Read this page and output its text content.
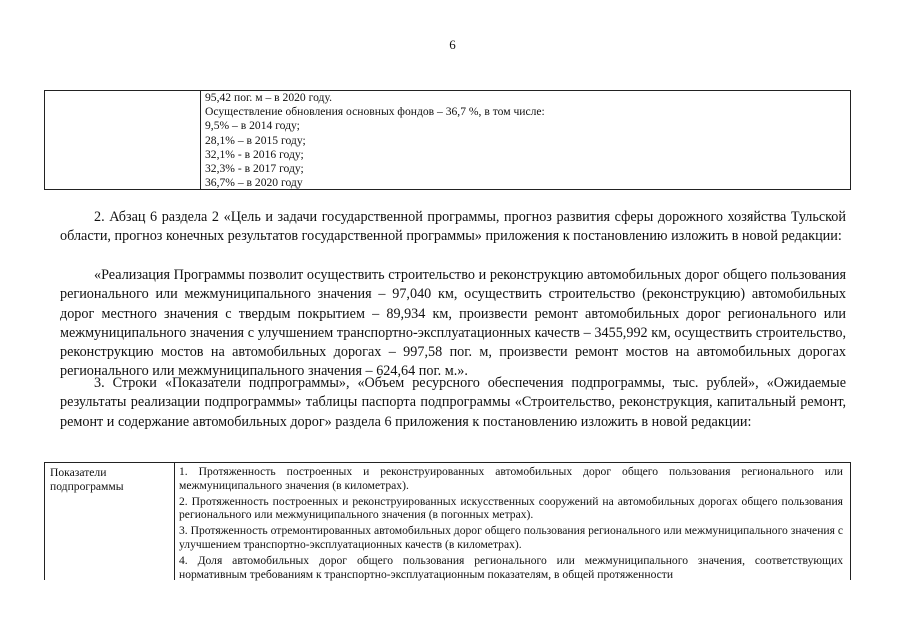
6
95,42 пог. м – в 2020 году.
Осуществление обновления основных фондов – 36,7 %, в том числе:
9,5% – в 2014 году;
28,1% – в 2015 году;
32,1% - в 2016 году;
32,3% - в 2017 году;
36,7% – в 2020 году

2. Абзац 6 раздела 2 «Цель и задачи государственной программы, прогноз развития сферы дорожного хозяйства Тульской области, прогноз конечных результатов государственной программы» приложения к постановлению изложить в новой редакции:

«Реализация Программы позволит осуществить строительство и реконструкцию автомобильных дорог общего пользования регионального или межмуниципального значения – 97,040 км, осуществить строительство (реконструкцию) автомобильных дорог местного значения с твердым покрытием – 89,934 км, произвести ремонт автомобильных дорог регионального или межмуниципального значения с улучшением транспортно-эксплуатационных качеств – 3455,992 км, осуществить строительство, реконструкцию мостов на автомобильных дорогах – 997,58 пог. м, произвести ремонт мостов на автомобильных дорогах регионального или межмуниципального значения – 624,64 пог. м.».

3. Строки «Показатели подпрограммы», «Объем ресурсного обеспечения подпрограммы, тыс. рублей», «Ожидаемые результаты реализации подпрограммы» таблицы паспорта подпрограммы «Строительство, реконструкция, капитальный ремонт, ремонт и содержание автомобильных дорог» раздела 6 приложения к постановлению изложить в новой редакции:

Показатели
подпрограммы

1. Протяженность построенных и реконструированных автомобильных дорог общего пользования регионального или межмуниципального значения (в километрах).

2. Протяженность построенных и реконструированных искусственных сооружений на автомобильных дорогах общего пользования регионального или межмуниципального значения (в погонных метрах).

3. Протяженность отремонтированных автомобильных дорог общего пользования регионального или межмуниципального значения с улучшением транспортно-эксплуатационных качеств (в километрах).

4. Доля автомобильных дорог общего пользования регионального или межмуниципального значения, соответствующих нормативным требованиям к транспортно-эксплуатационным показателям, в общей протяженности
